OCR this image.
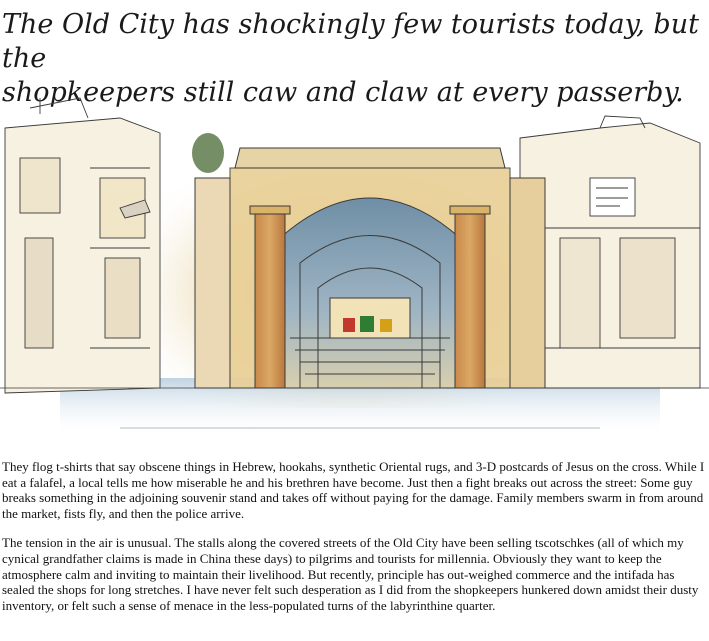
The Old City has shockingly few tourists today, but the
shopkeepers still caw and claw at every passerby.

They flog t-shirts that say obscene things in Hebrew, hookahs, synthetic Oriental rugs, and 3-D postcards of Jesus on the cross. While I eat a falafel, a local tells me how miserable he and his brethren have become. Just then a fight breaks out across the street: Some guy breaks something in the adjoining souvenir stand and takes off without paying for the damage. Family members swarm in from around the market, fists fly, and then the police arrive.

The tension in the air is unusual. The stalls along the covered streets of the Old City have been selling tscotschkes (all of which my cynical grandfather claims is made in China these days) to pilgrims and tourists for millennia. Obviously they want to keep the atmosphere calm and inviting to maintain their livelihood. But recently, principle has out-weighed commerce and the intifada has sealed the shops for long stretches. I have never felt such desperation as I did from the shopkeepers hunkered down amidst their dusty inventory, or felt such a sense of menace in the less-populated turns of the labyrinthine quarter.
